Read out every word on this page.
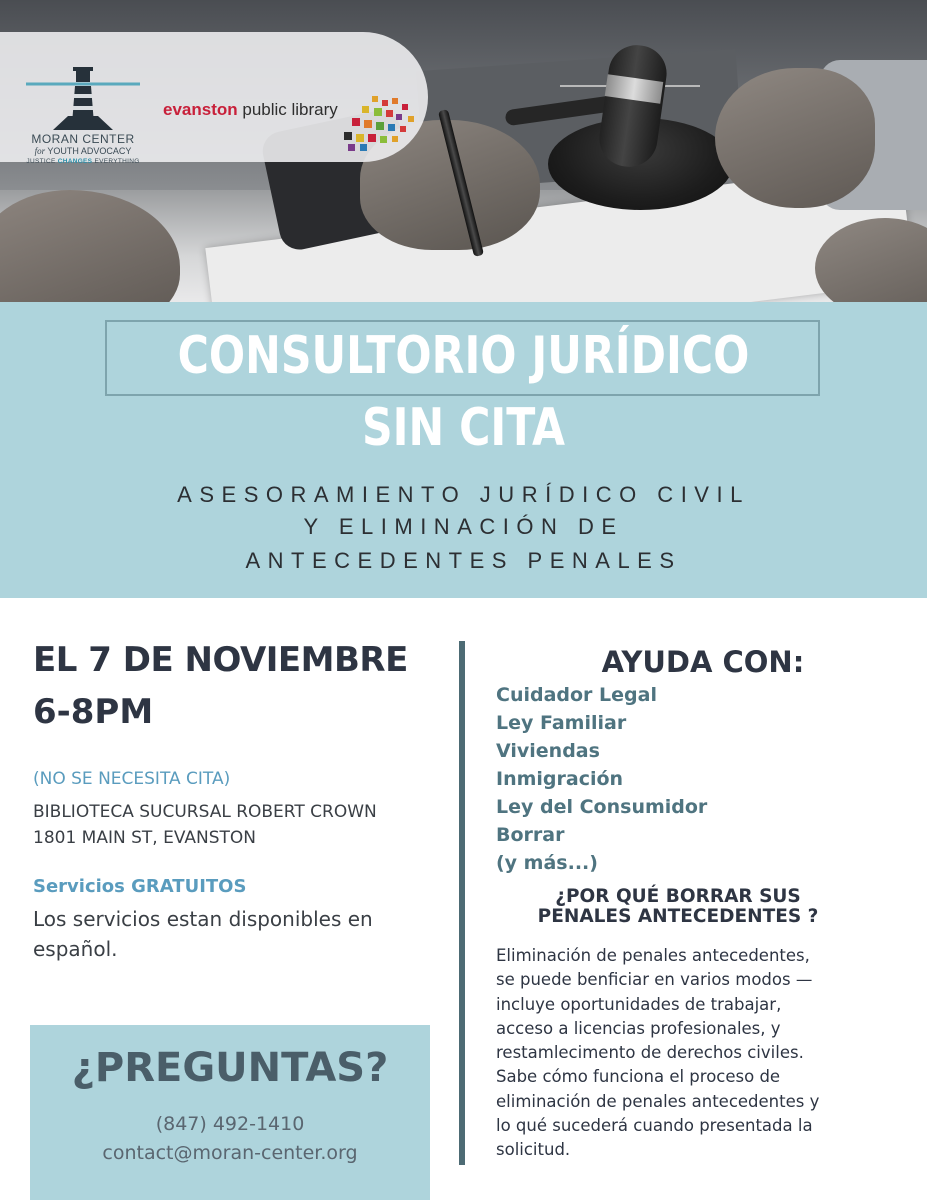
MORAN CENTER
for YOUTH ADVOCACY
JUSTICE CHANGES EVERYTHING
evanston public library
CONSULTORIO JURÍDICO
SIN CITA
ASESORAMIENTO JURÍDICO CIVIL
Y ELIMINACIÓN DE
ANTECEDENTES PENALES
EL 7 DE NOVIEMBRE
6-8PM
(NO SE NECESITA CITA)
BIBLIOTECA SUCURSAL ROBERT CROWN
1801 MAIN ST, EVANSTON
Servicios GRATUITOS
Los servicios estan disponibles en español.
¿PREGUNTAS?
(847) 492-1410
contact@moran-center.org
AYUDA CON:
Cuidador Legal
Ley Familiar
Viviendas
Inmigración
Ley del Consumidor
Borrar
(y más...)
¿POR QUÉ BORRAR SUS
PENALES ANTECEDENTES ?
Eliminación de penales antecedentes,
se puede benficiar en varios modos —
incluye oportunidades de trabajar,
acceso a licencias profesionales, y
restamlecimento de derechos civiles.
Sabe cómo funciona el proceso de
eliminación de penales antecedentes y
lo qué sucederá cuando presentada la
solicitud.
